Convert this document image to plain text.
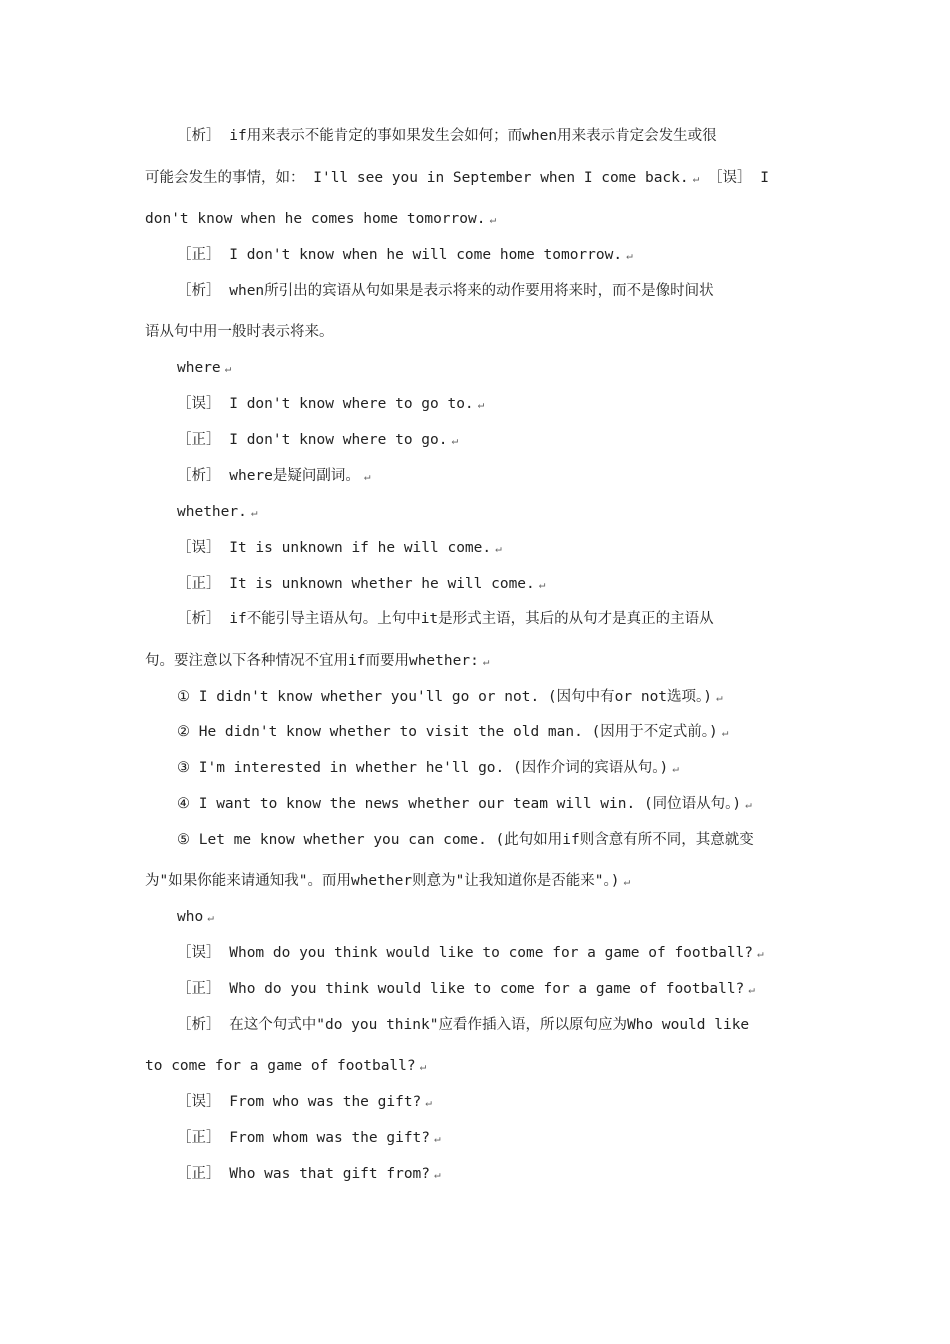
［析］ if用来表示不能肯定的事如果发生会如何；而when用来表示肯定会发生或很
可能会发生的事情，如： I'll see you in September when I come back. ↵ ［误］ I
don't know when he comes home tomorrow. ↵
［正］ I don't know when he will come home tomorrow. ↵
［析］ when所引出的宾语从句如果是表示将来的动作要用将来时，而不是像时间状
语从句中用一般时表示将来。
where ↵
［误］ I don't know where to go to. ↵
［正］ I don't know where to go. ↵
［析］ where是疑问副词。 ↵
whether. ↵
［误］ It is unknown if he will come. ↵
［正］ It is unknown whether he will come. ↵
［析］ if不能引导主语从句。上句中it是形式主语，其后的从句才是真正的主语从
句。要注意以下各种情况不宜用if而要用whether: ↵
① I didn't know whether you'll go or not. (因句中有or not选项。) ↵
② He didn't know whether to visit the old man. (因用于不定式前。) ↵
③ I'm interested in whether he'll go. (因作介词的宾语从句。) ↵
④ I want to know the news whether our team will win. (同位语从句。) ↵
⑤ Let me know whether you can come. (此句如用if则含意有所不同，其意就变
为"如果你能来请通知我"。而用whether则意为"让我知道你是否能来"。) ↵
who ↵
［误］ Whom do you think would like to come for a game of football? ↵
［正］ Who do you think would like to come for a game of football? ↵
［析］ 在这个句式中"do you think"应看作插入语，所以原句应为Who would like
to come for a game of football? ↵
［误］ From who was the gift? ↵
［正］ From whom was the gift? ↵
［正］ Who was that gift from? ↵
